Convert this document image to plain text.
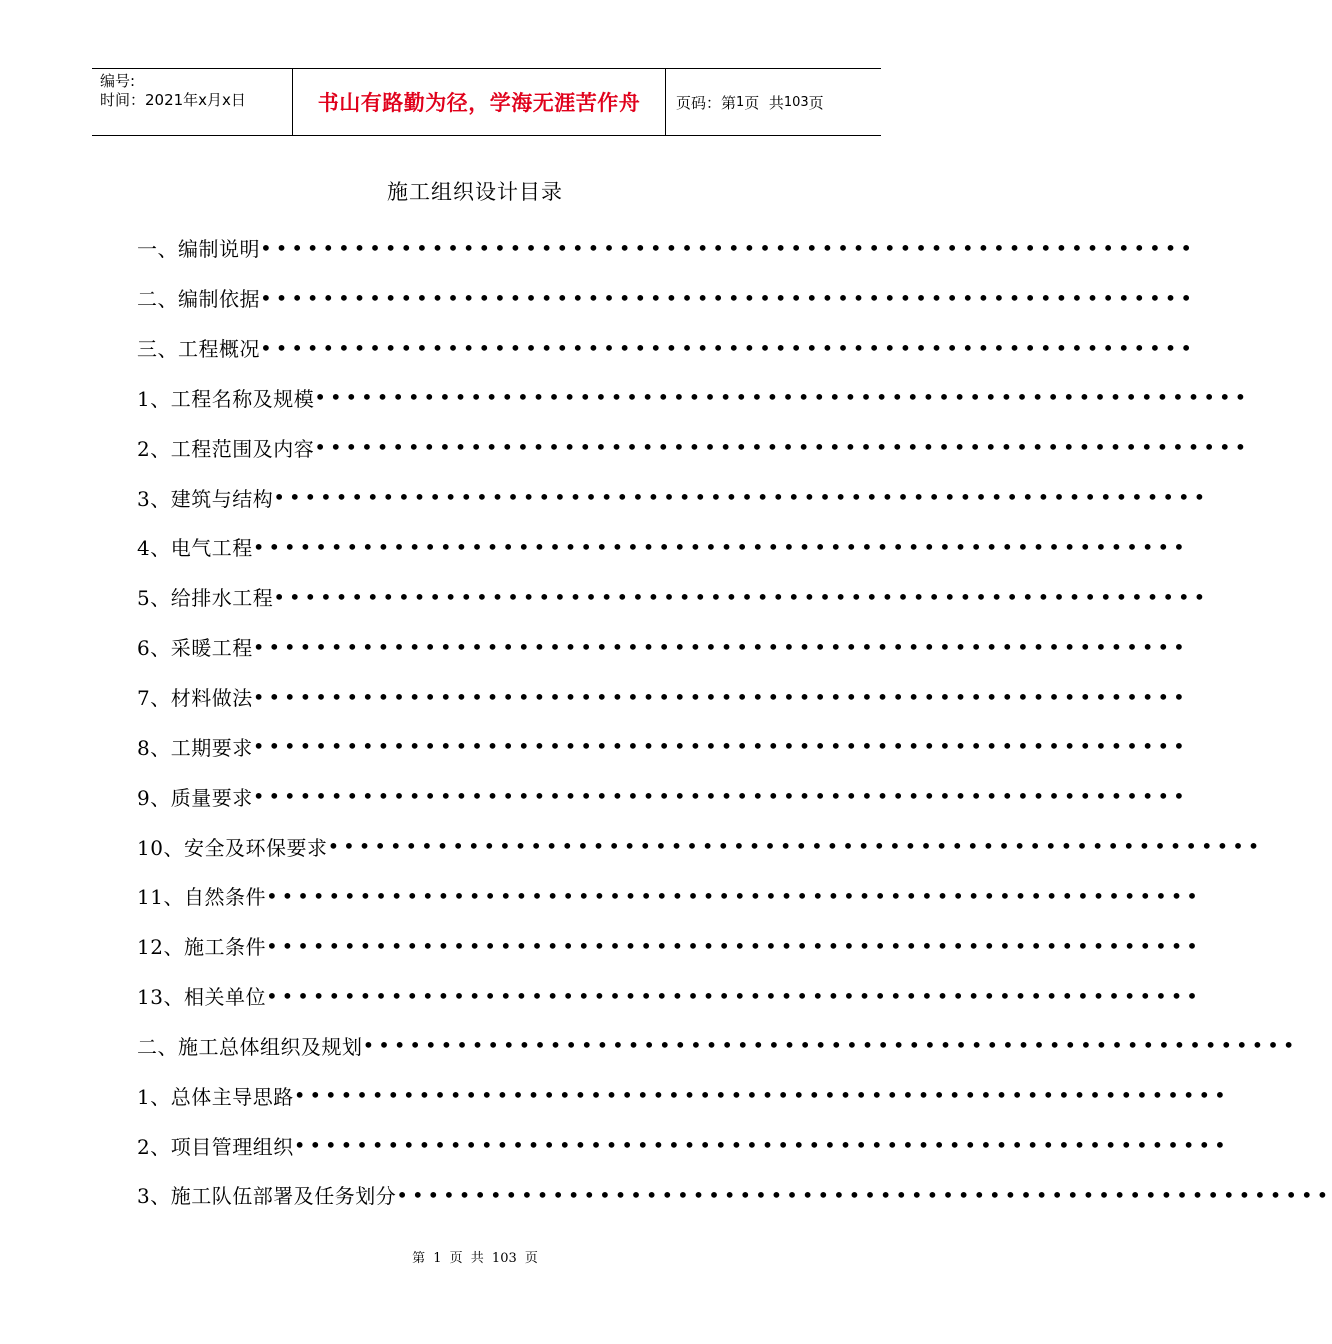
编号:
时间：2021年x月x日	书山有路勤为径，学海无涯苦作舟 页码：第 1 页  共 103 页
施工组织设计目录
一、编制说明 ••••••••••••••••••••••••••••••••••••••••••••••••••••••••••••
二、编制依据 ••••••••••••••••••••••••••••••••••••••••••••••••••••••••••••
三、工程概况 ••••••••••••••••••••••••••••••••••••••••••••••••••••••••••••
1、工程名称及规模 ••••••••••••••••••••••••••••••••••••••••••••••••••••••••••••
2、工程范围及内容 ••••••••••••••••••••••••••••••••••••••••••••••••••••••••••••
3、建筑与结构 ••••••••••••••••••••••••••••••••••••••••••••••••••••••••••••
4、电气工程 ••••••••••••••••••••••••••••••••••••••••••••••••••••••••••••
5、给排水工程 ••••••••••••••••••••••••••••••••••••••••••••••••••••••••••••
6、采暖工程 ••••••••••••••••••••••••••••••••••••••••••••••••••••••••••••
7、材料做法 ••••••••••••••••••••••••••••••••••••••••••••••••••••••••••••
8、工期要求 ••••••••••••••••••••••••••••••••••••••••••••••••••••••••••••
9、质量要求 ••••••••••••••••••••••••••••••••••••••••••••••••••••••••••••
10、安全及环保要求 ••••••••••••••••••••••••••••••••••••••••••••••••••••••••••••
11、自然条件 ••••••••••••••••••••••••••••••••••••••••••••••••••••••••••••
12、施工条件 ••••••••••••••••••••••••••••••••••••••••••••••••••••••••••••
13、相关单位 ••••••••••••••••••••••••••••••••••••••••••••••••••••••••••••
二、施工总体组织及规划 ••••••••••••••••••••••••••••••••••••••••••••••••••••••••••••
1、总体主导思路 ••••••••••••••••••••••••••••••••••••••••••••••••••••••••••••
2、项目管理组织 ••••••••••••••••••••••••••••••••••••••••••••••••••••••••••••
3、施工队伍部署及任务划分 ••••••••••••••••••••••••••••••••••••••••••••••••••••••••••••
第 1 页 共 103 页
